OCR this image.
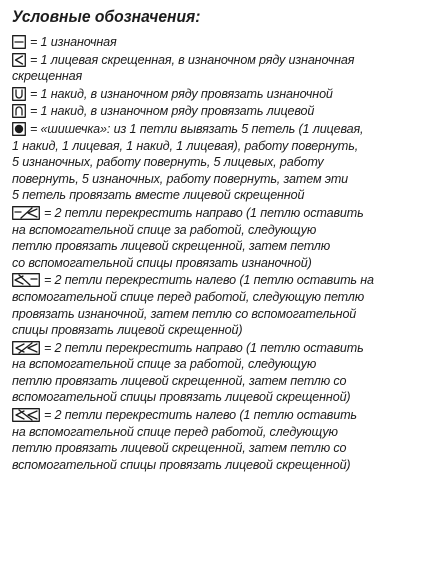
Условные обозначения:
= 1 изнаночная
= 1 лицевая скрещенная, в изнаночном ряду изнаночная
скрещенная
= 1 накид, в изнаночном ряду провязать изнаночной
= 1 накид, в изнаночном ряду провязать лицевой
= «шишечка»: из 1 петли вывязать 5 петель (1 лицевая,
1 накид, 1 лицевая, 1 накид, 1 лицевая), работу повернуть,
5 изнаночных, работу повернуть, 5 лицевых, работу
повернуть, 5 изнаночных, работу повернуть, затем эти
5 петель провязать вместе лицевой скрещенной
= 2 петли перекрестить направо (1 петлю оставить
на вспомогательной спице за работой, следующую
петлю провязать лицевой скрещенной, затем петлю
со вспомогательной спицы провязать изнаночной)
= 2 петли перекрестить налево (1 петлю оставить на
вспомогательной спице перед работой, следующую петлю
провязать изнаночной, затем петлю со вспомогательной
спицы провязать лицевой скрещенной)
= 2 петли перекрестить направо (1 петлю оставить
на вспомогательной спице за работой, следующую
петлю провязать лицевой скрещенной, затем петлю со
вспомогательной спицы провязать лицевой скрещенной)
= 2 петли перекрестить налево (1 петлю оставить
на вспомогательной спице перед работой, следующую
петлю провязать лицевой скрещенной, затем петлю со
вспомогательной спицы провязать лицевой скрещенной)
